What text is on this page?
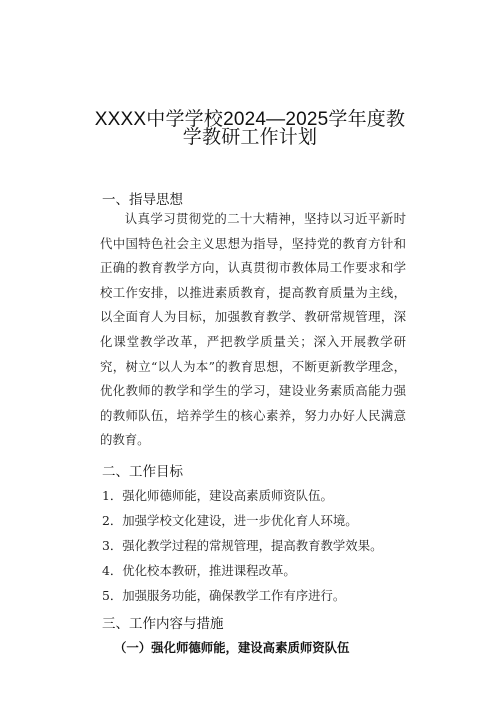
XXXX中学学校2024—2025学年度教
学教研工作计划
一、指导思想

认真学习贯彻党的二十大精神，坚持以习近平新时代中国特色社会主义思想为指导，坚持党的教育方针和正确的教育教学方向，认真贯彻市教体局工作要求和学校工作安排，以推进素质教育，提高教育质量为主线，以全面育人为目标，加强教育教学、教研常规管理，深化课堂教学改革，严把教学质量关；深入开展教学研究，树立“以人为本”的教育思想，不断更新教学理念，优化教师的教学和学生的学习，建设业务素质高能力强的教师队伍，培养学生的核心素养，努力办好人民满意的教育。

二、工作目标
1．强化师德师能，建设高素质师资队伍。
2．加强学校文化建设，进一步优化育人环境。
3．强化教学过程的常规管理，提高教育教学效果。
4．优化校本教研，推进课程改革。
5．加强服务功能，确保教学工作有序进行。
三、工作内容与措施
（一）强化师德师能，建设高素质师资队伍
